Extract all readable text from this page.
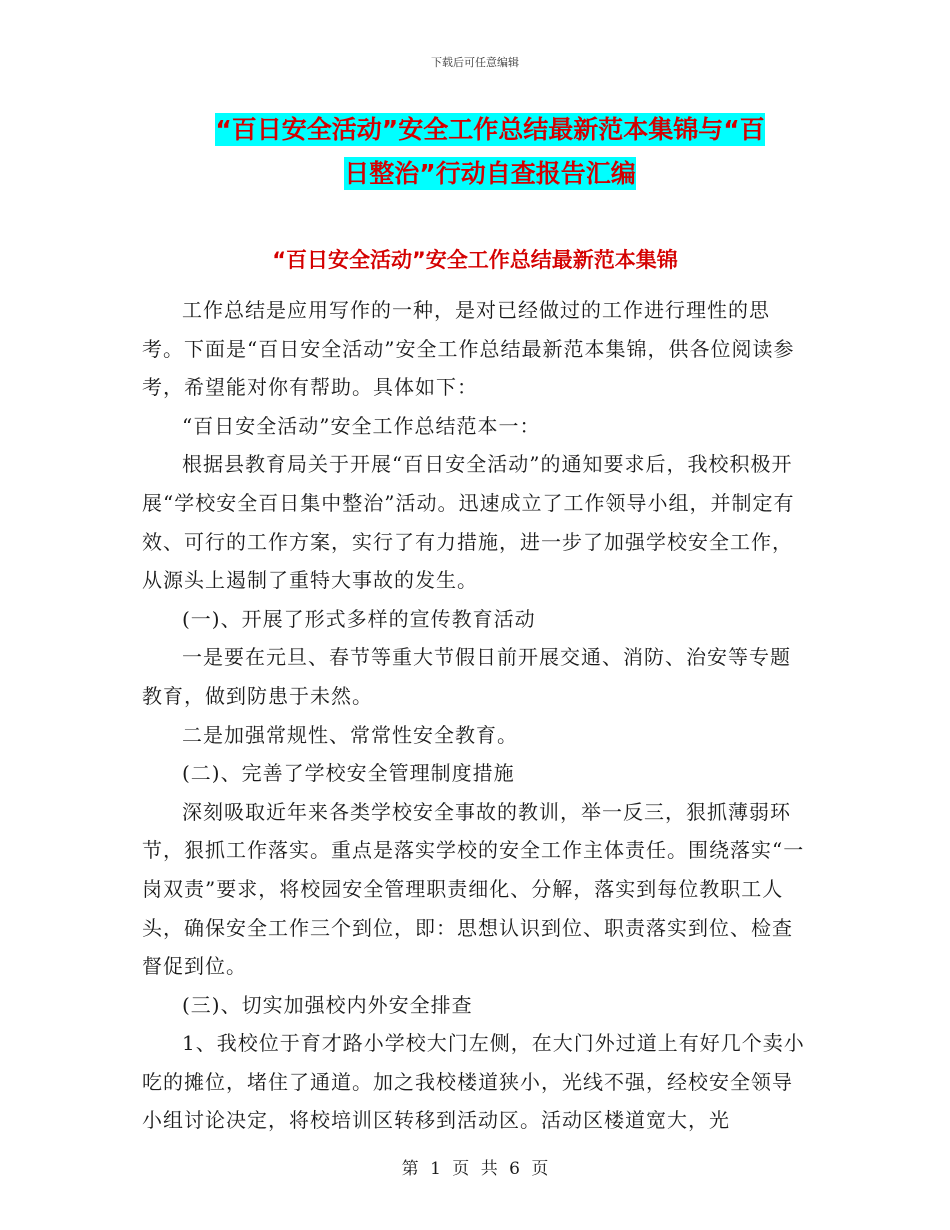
下载后可任意编辑
“百日安全活动”安全工作总结最新范本集锦与“百
日整治”行动自查报告汇编
“百日安全活动”安全工作总结最新范本集锦

工作总结是应用写作的一种，是对已经做过的工作进行理性的思考。下面是“百日安全活动”安全工作总结最新范本集锦，供各位阅读参考，希望能对你有帮助。具体如下：

“百日安全活动”安全工作总结范本一：

根据县教育局关于开展“百日安全活动”的通知要求后，我校积极开展“学校安全百日集中整治”活动。迅速成立了工作领导小组，并制定有效、可行的工作方案，实行了有力措施，进一步了加强学校安全工作，从源头上遏制了重特大事故的发生。

(一)、开展了形式多样的宣传教育活动

一是要在元旦、春节等重大节假日前开展交通、消防、治安等专题教育，做到防患于未然。

二是加强常规性、常常性安全教育。

(二)、完善了学校安全管理制度措施

深刻吸取近年来各类学校安全事故的教训，举一反三，狠抓薄弱环节，狠抓工作落实。重点是落实学校的安全工作主体责任。围绕落实“一岗双责”要求，将校园安全管理职责细化、分解，落实到每位教职工人头，确保安全工作三个到位，即：思想认识到位、职责落实到位、检查督促到位。

(三)、切实加强校内外安全排查

1、我校位于育才路小学校大门左侧，在大门外过道上有好几个卖小吃的摊位，堵住了通道。加之我校楼道狭小，光线不强，经校安全领导小组讨论决定，将校培训区转移到活动区。活动区楼道宽大，光

第 1 页 共 6 页
